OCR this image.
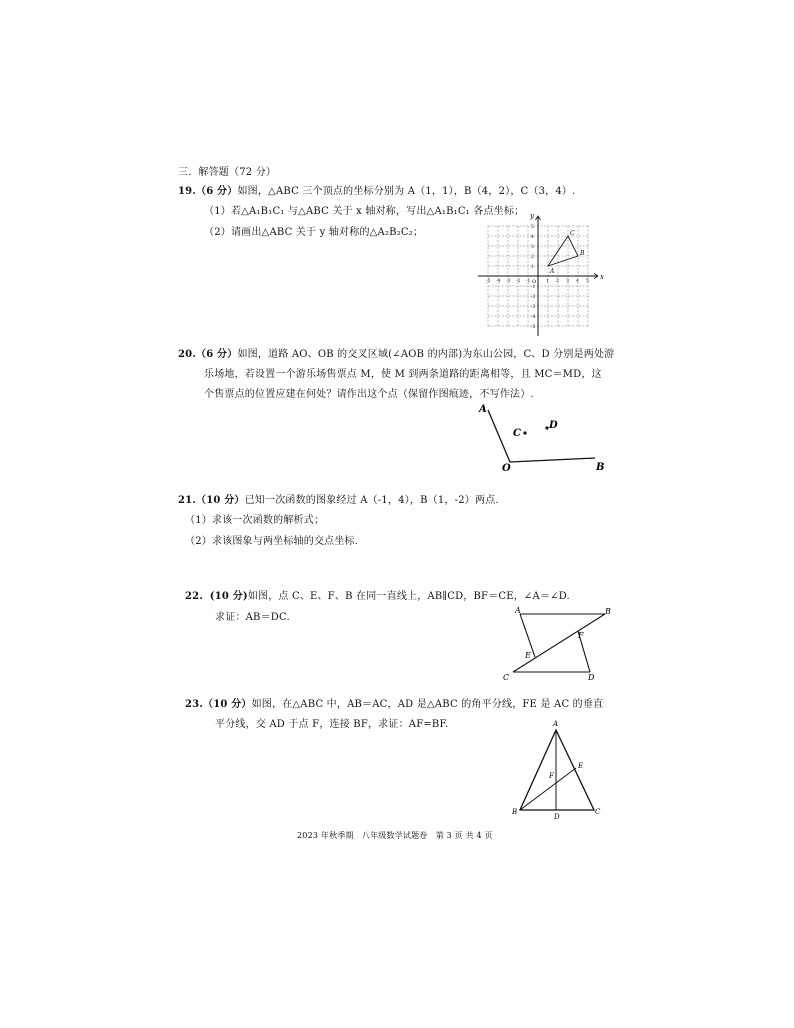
三．解答题（72 分）
19.（6 分）如图，△ABC 三个顶点的坐标分别为 A（1，1），B（4，2），C（3，4）.
（1）若△A₁B₁C₁ 与△ABC 关于 x 轴对称，写出△A₁B₁C₁ 各点坐标；
（2）请画出△ABC 关于 y 轴对称的△A₂B₂C₂；
x
y
O
-5 -4 -3 -2 -1	1 2 3 4 5
5
4
3
2
1
-1
-2
-3
-4
-5
A
B
C
20.（6 分）如图，道路 AO、OB 的交叉区域(∠AOB 的内部)为东山公园，C、D 分别是两处游
乐场地，若设置一个游乐场售票点 M，使 M 到两条道路的距离相等，且 MC＝MD，这
个售票点的位置应建在何处？请作出这个点（保留作图痕迹，不写作法）.
A
O	B
C
D
21.（10 分）已知一次函数的图象经过 A（-1，4），B（1，-2）两点.
（1）求该一次函数的解析式；
（2）求该图象与两坐标轴的交点坐标.
22. (10 分)如图，点 C、E、F、B 在同一直线上，AB∥CD，BF＝CE，∠A＝∠D.
求证：AB＝DC.
A	B
C	D
E
F
23.（10 分）如图，在△ABC 中，AB＝AC，AD 是△ABC 的角平分线，FE 是 AC 的垂直
平分线，交 AD 于点 F，连接 BF，求证：AF=BF.	A
B	C
D
E
F
2023 年秋季期　八年级数学试题卷　第 3 页 共 4 页
